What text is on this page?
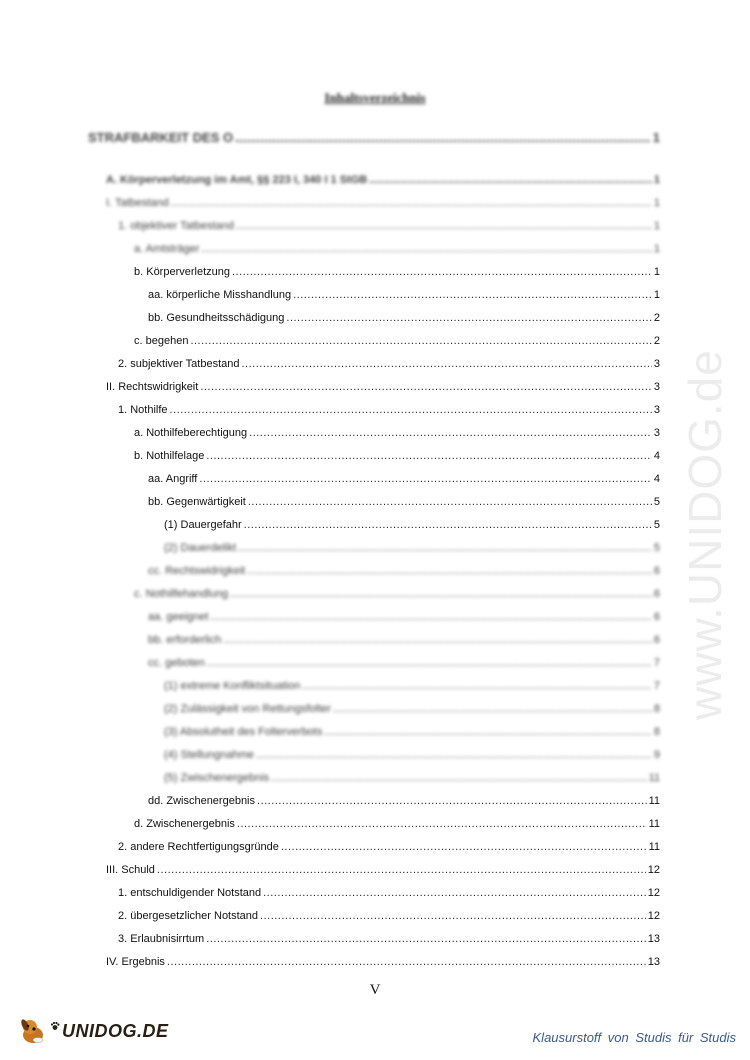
Inhaltsverzeichnis
STRAFBARKEIT DES O .....	1
A. Körperverletzung im Amt, §§ 223 I, 340 I 1 StGB .....	1
I. Tatbestand .....	1
1. objektiver Tatbestand .....	1
a. Amtsträger .....	1
b. Körperverletzung .....	1
aa. körperliche Misshandlung .....	1
bb. Gesundheitsschädigung .....	2
c. begehen .....	2
2. subjektiver Tatbestand .....	3
II. Rechtswidrigkeit .....	3
1. Nothilfe .....	3
a. Nothilfeberechtigung .....	3
b. Nothilfelage .....	4
aa. Angriff .....	4
bb. Gegenwärtigkeit .....	5
(1) Dauergefahr .....	5
(2) Dauerdelikt .....	5
cc. Rechtswidrigkeit .....	6
c. Nothilfehandlung .....	6
aa. geeignet .....	6
bb. erforderlich .....	6
cc. geboten .....	7
(1) extreme Konfliktsituation .....	7
(2) Zulässigkeit von Rettungsfolter .....	8
(3) Absolutheit des Folterverbots .....	8
(4) Stellungnahme .....	9
(5) Zwischenergebnis .....	11
dd. Zwischenergebnis .....	11
d. Zwischenergebnis .....	11
2. andere Rechtfertigungsgründe .....	11
III. Schuld .....	12
1. entschuldigender Notstand .....	12
2. übergesetzlicher Notstand .....	12
3. Erlaubnisirrtum .....	13
IV. Ergebnis .....	13
www.UNIDOG.de
V
UNIDOG.DE	Klausurstoff von Studis für Studis
